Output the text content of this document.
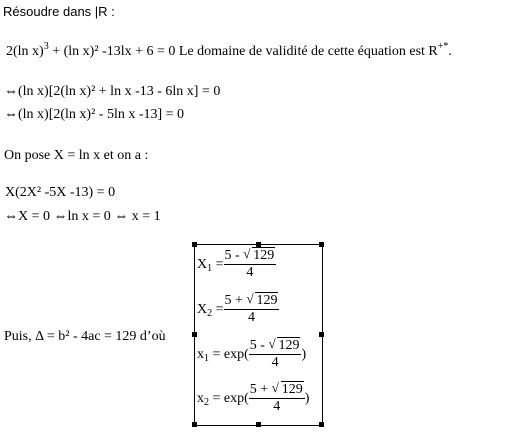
Résoudre dans |R :
2(ln x)$^3$ + (ln x)² -13lx + 6 = 0 Le domaine de validité de cette équation est R+*.
⇔(ln x)[2(ln x)² + ln x -13 - 6ln x] = 0
⇔(ln x)[2(ln x)² - 5ln x -13] = 0
On pose X = ln x et on a :
X(2X² -5X -13) = 0
⇔X = 0 ⇔ln x = 0 ⇔ x = 1
Puis, Δ = b² - 4ac = 129 d’où
$X_1 = \frac{5 - √ 129}{4}$
$X_2 = \frac{5 + √ 129}{4}$
$x_1 = \exp( \frac{5 - √ 129}{4}$ )
$x_2 = \exp( \frac{5 + √ 129}{4}$ )
